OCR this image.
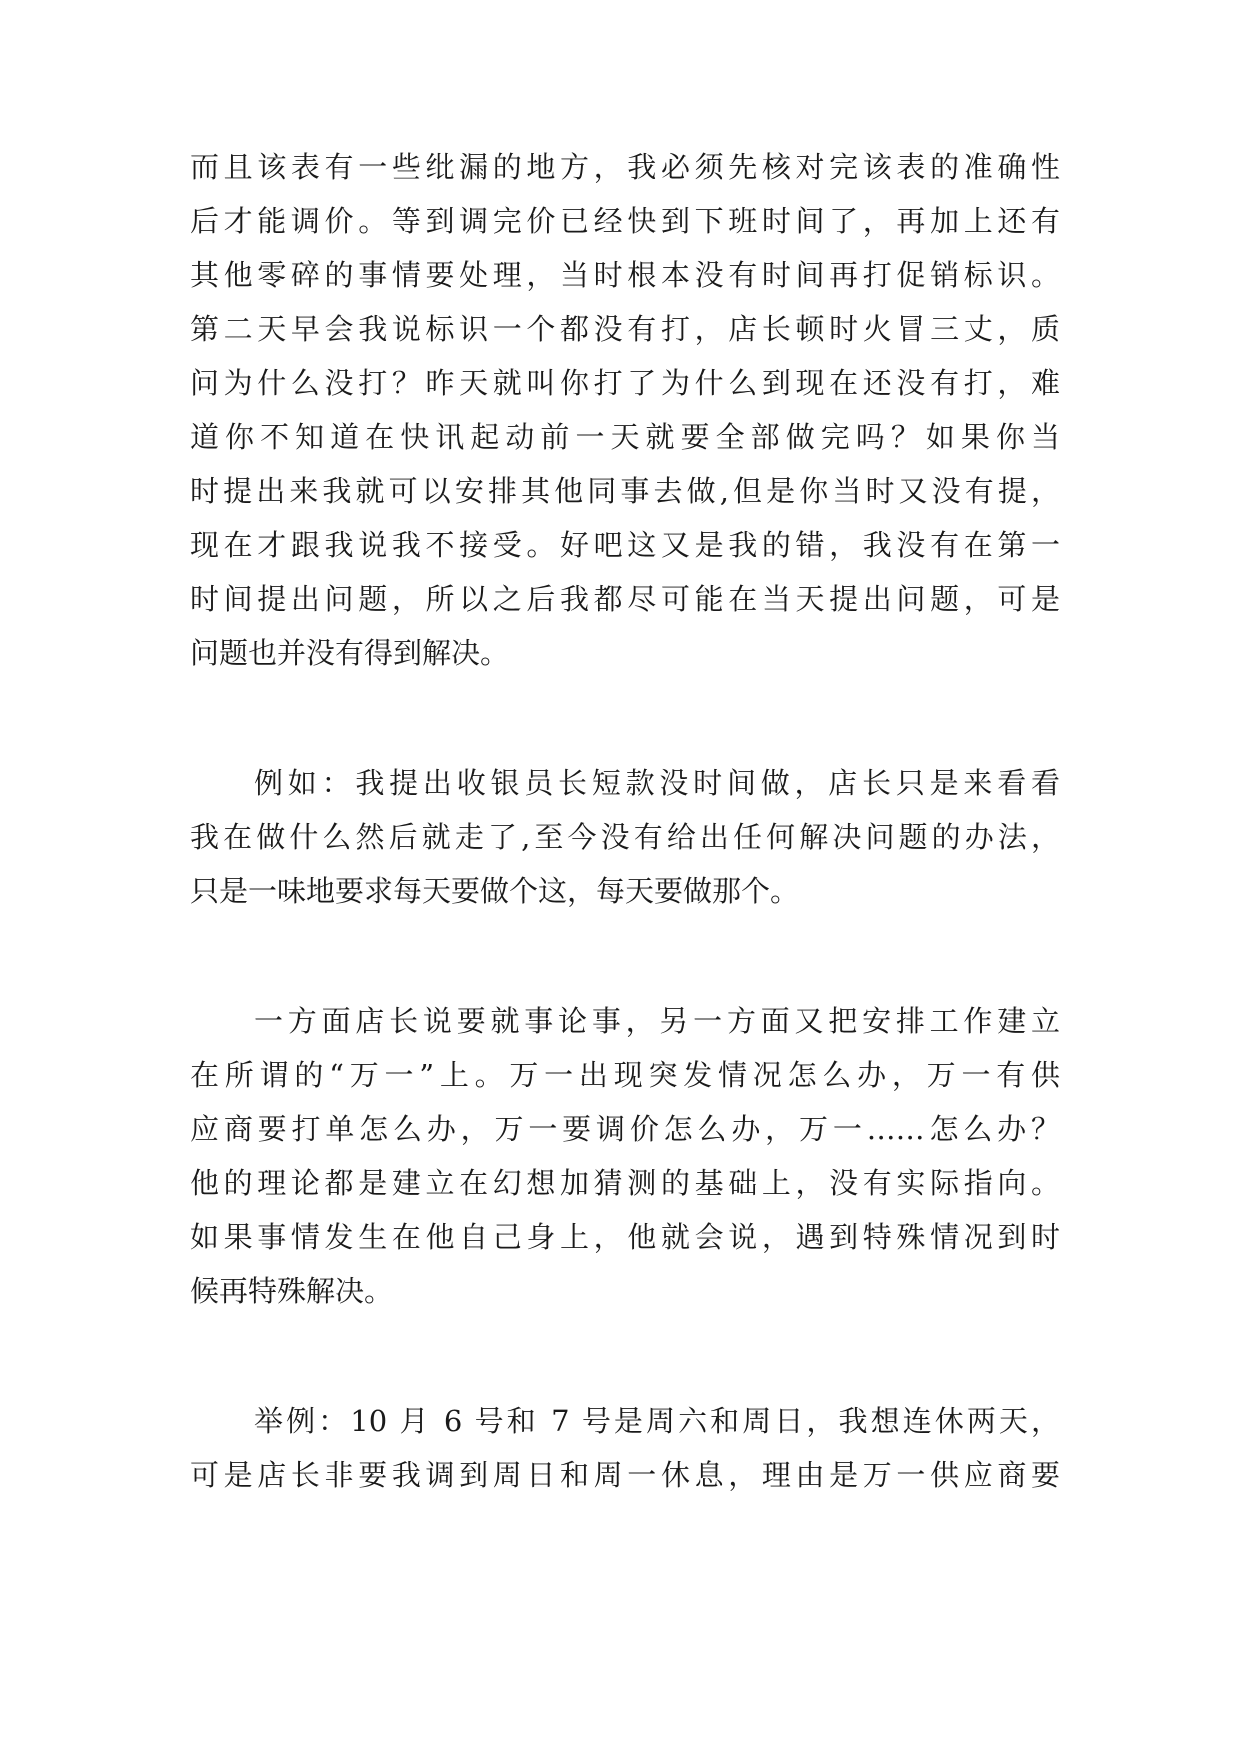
而且该表有一些纰漏的地方，我必须先核对完该表的准确性
后才能调价。等到调完价已经快到下班时间了，再加上还有
其他零碎的事情要处理，当时根本没有时间再打促销标识。
第二天早会我说标识一个都没有打，店长顿时火冒三丈，质
问为什么没打？昨天就叫你打了为什么到现在还没有打，难
道你不知道在快讯起动前一天就要全部做完吗？如果你当
时提出来我就可以安排其他同事去做,但是你当时又没有提，
现在才跟我说我不接受。好吧这又是我的错，我没有在第一
时间提出问题，所以之后我都尽可能在当天提出问题，可是
问题也并没有得到解决。
例如：我提出收银员长短款没时间做，店长只是来看看
我在做什么然后就走了,至今没有给出任何解决问题的办法，
只是一味地要求每天要做个这，每天要做那个。
一方面店长说要就事论事，另一方面又把安排工作建立
在所谓的“万一”上。万一出现突发情况怎么办，万一有供
应商要打单怎么办，万一要调价怎么办，万一……怎么办？
他的理论都是建立在幻想加猜测的基础上，没有实际指向。
如果事情发生在他自己身上，他就会说，遇到特殊情况到时
候再特殊解决。
举例：10 月 6 号和 7 号是周六和周日，我想连休两天，
可是店长非要我调到周日和周一休息，理由是万一供应商要
